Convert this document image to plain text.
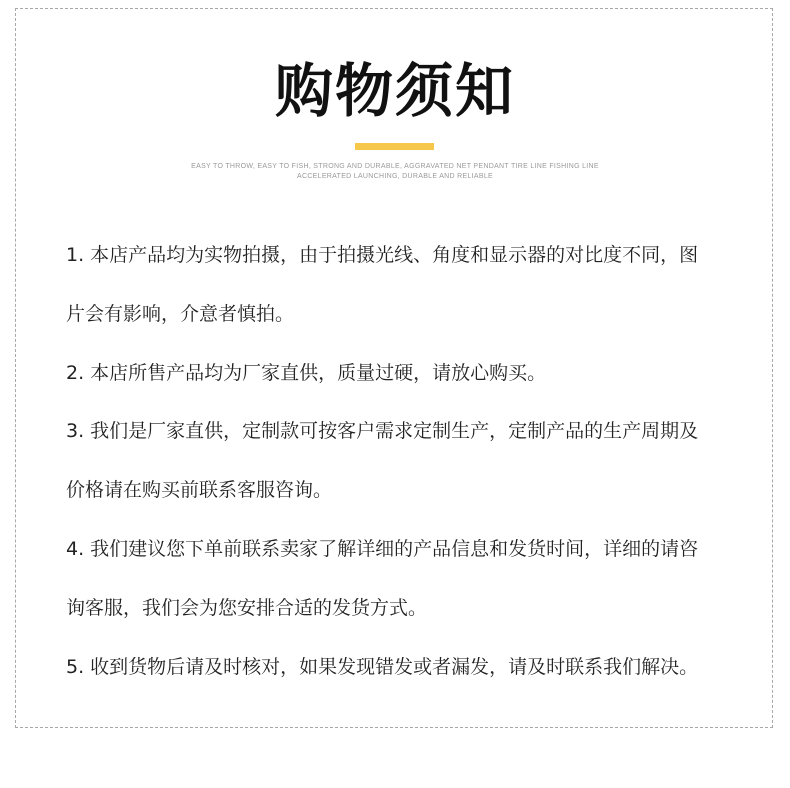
购物须知
EASY TO THROW, EASY TO FISH, STRONG AND DURABLE, AGGRAVATED NET PENDANT TIRE LINE FISHING LINE
ACCELERATED LAUNCHING, DURABLE AND RELIABLE
1. 本店产品均为实物拍摄，由于拍摄光线、角度和显示器的对比度不同，图
片会有影响，介意者慎拍。
2. 本店所售产品均为厂家直供，质量过硬，请放心购买。
3. 我们是厂家直供，定制款可按客户需求定制生产，定制产品的生产周期及
价格请在购买前联系客服咨询。
4. 我们建议您下单前联系卖家了解详细的产品信息和发货时间，详细的请咨
询客服，我们会为您安排合适的发货方式。
5. 收到货物后请及时核对，如果发现错发或者漏发，请及时联系我们解决。
